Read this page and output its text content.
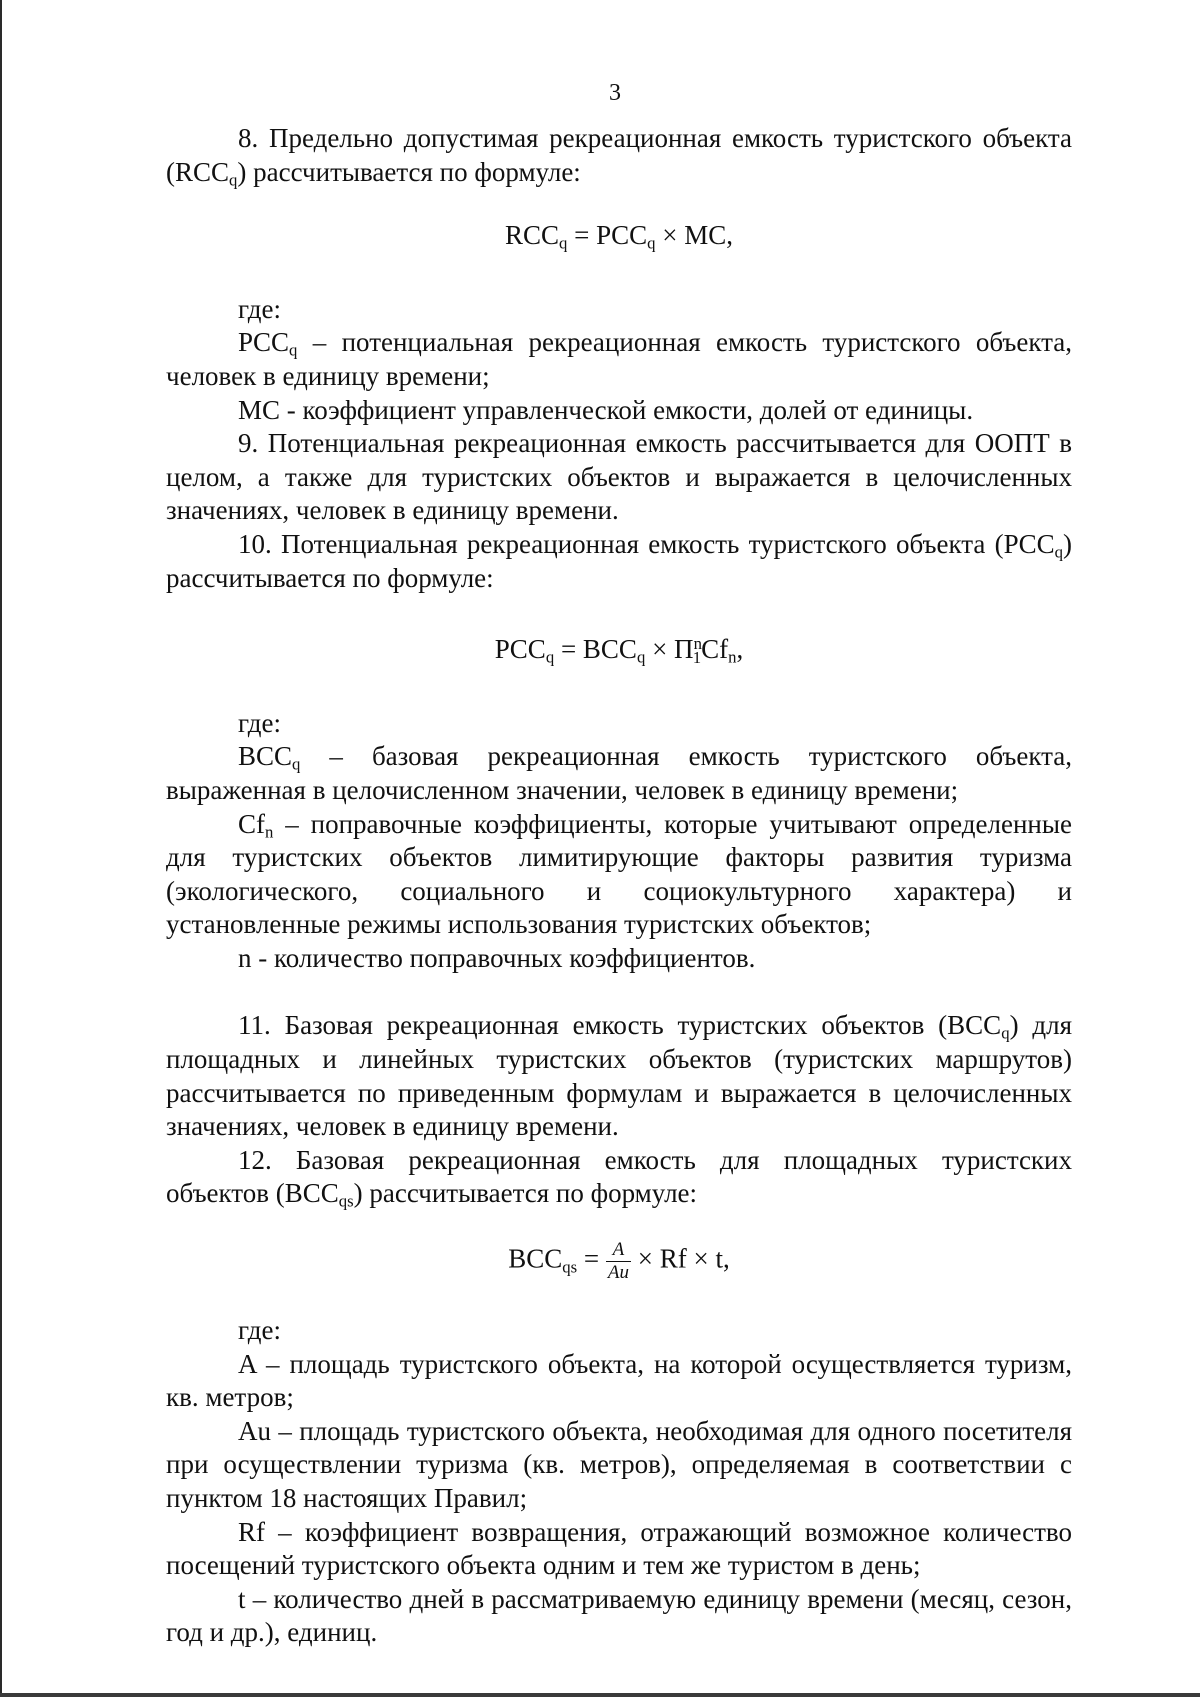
3

8. Предельно допустимая рекреационная емкость туристского объекта $(RCC_q)$ рассчитывается по формуле:

$RCC_q = PCC_q$ × MC,

где:

$PCC_q$ – потенциальная рекреационная емкость туристского объекта, человек в единицу времени;

MC - коэффициент управленческой емкости, долей от единицы.

9. Потенциальная рекреационная емкость рассчитывается для ООПТ в целом, а также для туристских объектов и выражается в целочисленных значениях, человек в единицу времени.

10. Потенциальная рекреационная емкость туристского объекта $(PCC_q)$ рассчитывается по формуле:

$PCC_q = BCC_q \times \Pi^n_1Cf_n$,

где:

$BCC_q$ – базовая рекреационная емкость туристского объекта, выраженная в целочисленном значении, человек в единицу времени;

$Cf_n$ – поправочные коэффициенты, которые учитывают определенные для туристских объектов лимитирующие факторы развития туризма (экологического, социального и социокультурного характера) и установленные режимы использования туристских объектов;

n - количество поправочных коэффициентов.

11. Базовая рекреационная емкость туристских объектов $(BCC_q)$ для площадных и линейных туристских объектов (туристских маршрутов) рассчитывается по приведенным формулам и выражается в целочисленных значениях, человек в единицу времени.

12. Базовая рекреационная емкость для площадных туристских объектов $(BCC_{qs})$ рассчитывается по формуле:

$BCC_{qs} = \frac{A}{Au} \times Rf \times t$,

где:

A – площадь туристского объекта, на которой осуществляется туризм, кв. метров;

Au – площадь туристского объекта, необходимая для одного посетителя при осуществлении туризма (кв. метров), определяемая в соответствии с пунктом 18 настоящих Правил;

Rf – коэффициент возвращения, отражающий возможное количество посещений туристского объекта одним и тем же туристом в день;

t – количество дней в рассматриваемую единицу времени (месяц, сезон, год и др.), единиц.
